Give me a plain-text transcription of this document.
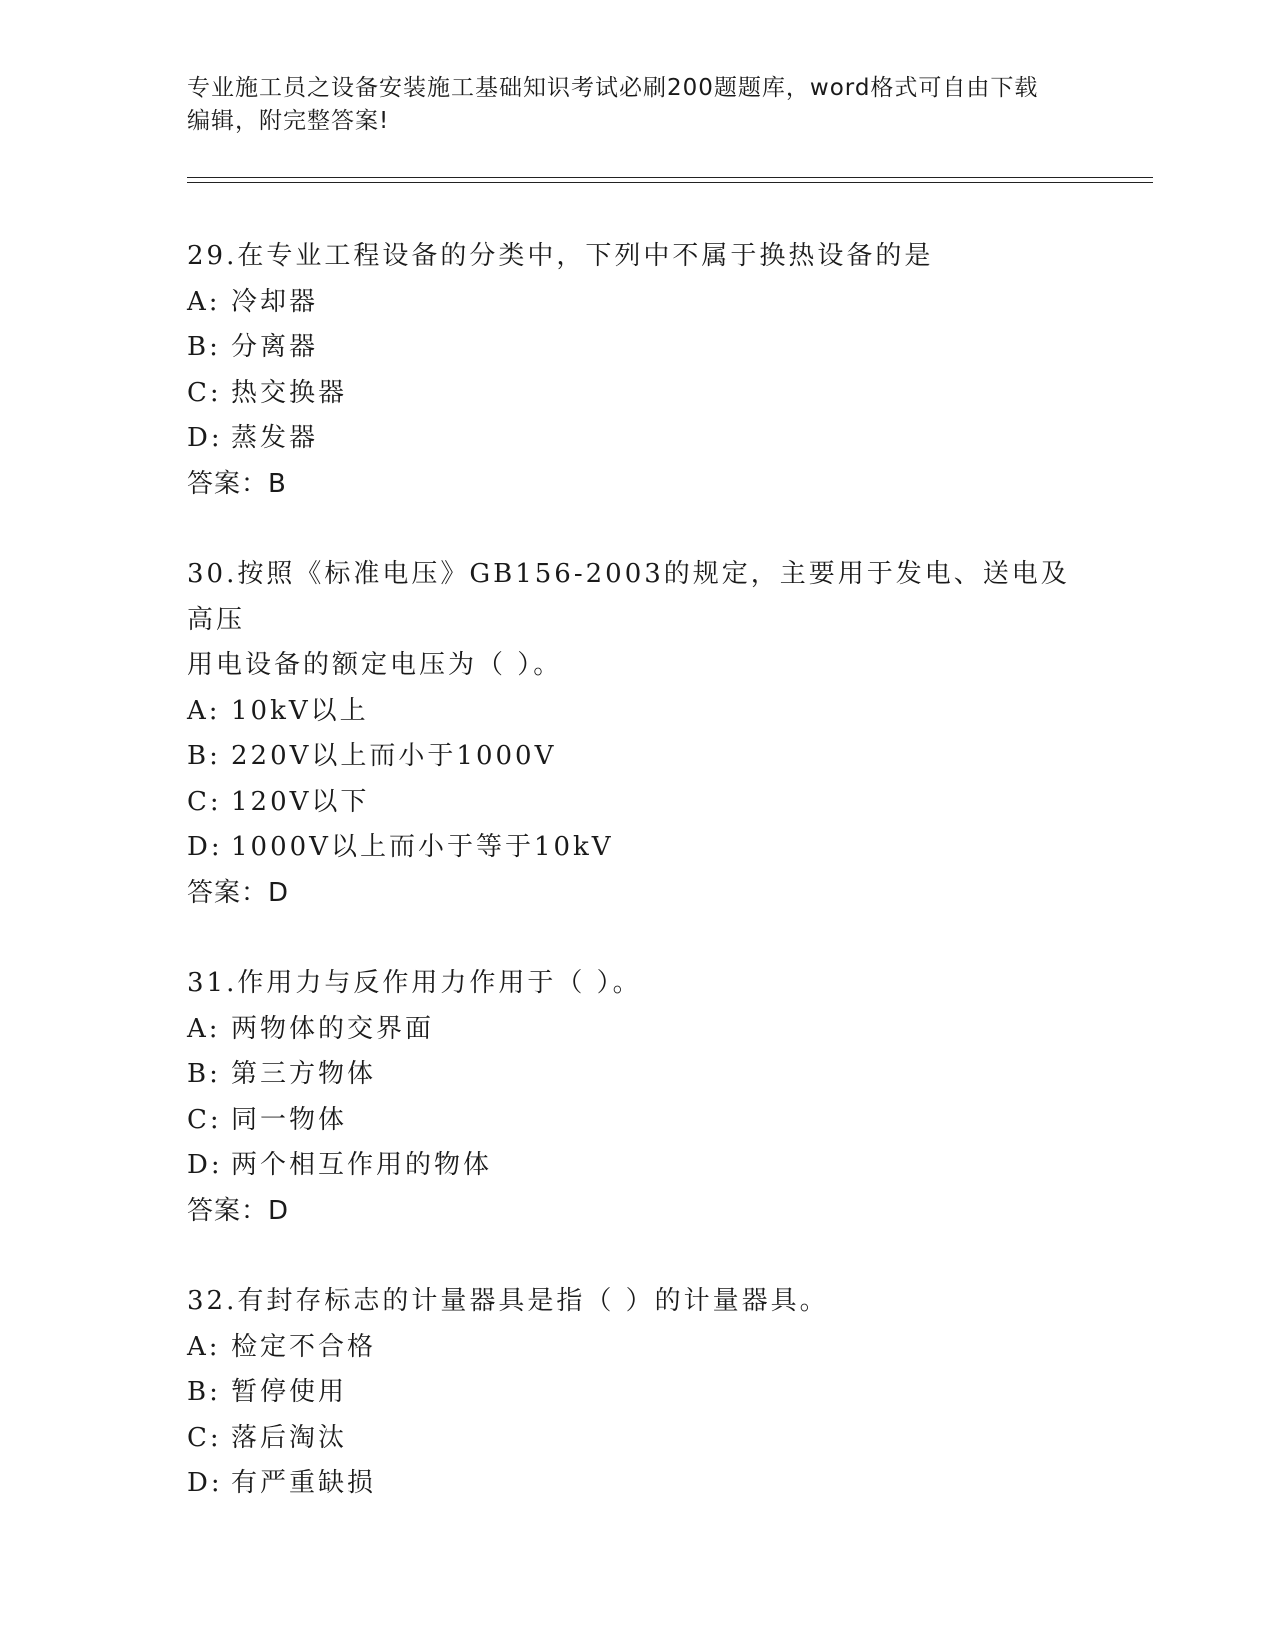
专业施工员之设备安装施工基础知识考试必刷200题题库，word格式可自由下载
编辑，附完整答案!
29.在专业工程设备的分类中，下列中不属于换热设备的是
A: 冷却器
B: 分离器
C: 热交换器
D: 蒸发器
答案：B
30.按照《标准电压》GB156-2003的规定，主要用于发电、送电及高压
用电设备的额定电压为（ ）。
A: 10kV以上
B: 220V以上而小于1000V
C: 120V以下
D: 1000V以上而小于等于10kV
答案：D
31.作用力与反作用力作用于（ ）。
A: 两物体的交界面
B: 第三方物体
C: 同一物体
D: 两个相互作用的物体
答案：D
32.有封存标志的计量器具是指（ ）的计量器具。
A: 检定不合格
B: 暂停使用
C: 落后淘汰
D: 有严重缺损
